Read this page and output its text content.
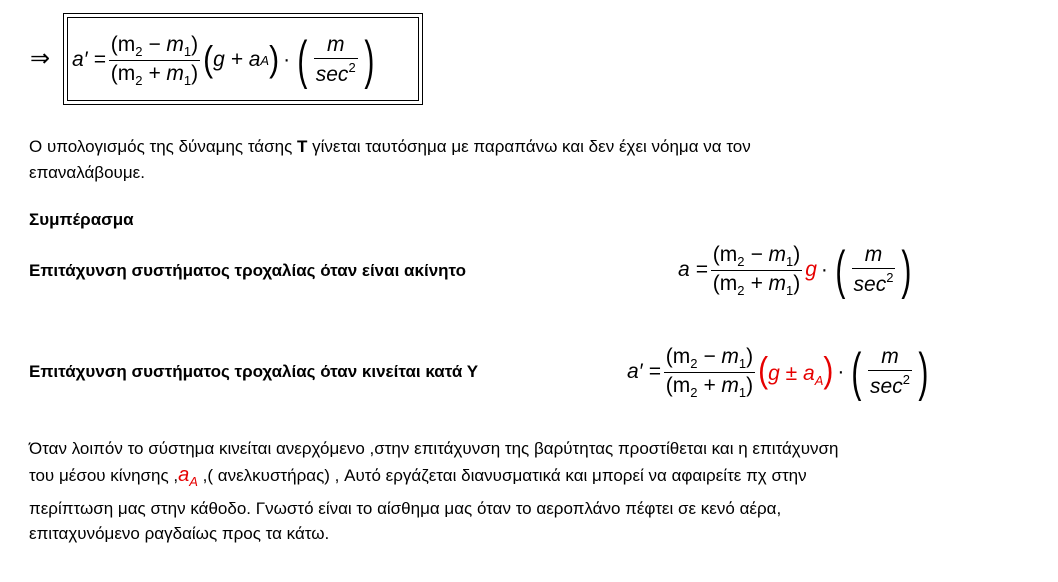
⇒ $a' = \frac{(m_2 - m_1)}{(m_2 + m_1)}$ ( g + a A ) · ( $\frac{m}{\sec^2}$ )
Ο υπολογισμός της δύναμης τάσης Τ γίνεται ταυτόσημα με παραπάνω και δεν έχει νόημα να τον
επαναλάβουμε.
Συμπέρασμα
Επιτάχυνση συστήματος τροχαλίας όταν είναι ακίνητο	$a = \frac{(m_2 - m_1)}{(m_2 + m_1)}$ g · ( $\frac{m}{\sec^2}$ )
Επιτάχυνση συστήματος τροχαλίας όταν κινείται κατά Υ	$a' = \frac{(m_2 - m_1)}{(m_2 + m_1)} (g \pm a_A)$ · ( $\frac{m}{\sec^2}$ )
Όταν λοιπόν το σύστημα κινείται ανερχόμενο ,στην επιτάχυνση της βαρύτητας προστίθεται και η επιτάχυνση
του μέσου κίνησης $,a_A$ ,( ανελκυστήρας) , Αυτό εργάζεται διανυσματικά και μπορεί να αφαιρείτε πχ στην
περίπτωση μας στην κάθοδο. Γνωστό είναι το αίσθημα μας όταν το αεροπλάνο πέφτει σε κενό αέρα,
επιταχυνόμενο ραγδαίως προς τα κάτω.
